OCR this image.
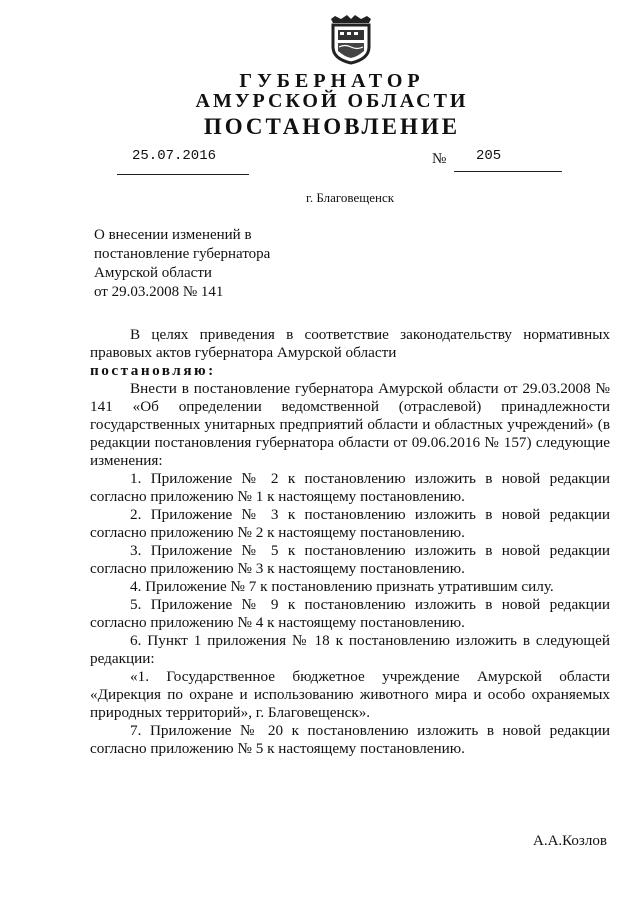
ГУБЕРНАТОР
АМУРСКОЙ ОБЛАСТИ
ПОСТАНОВЛЕНИЕ
25.07.2016	№ 205
г. Благовещенск
О внесении изменений в
постановление губернатора
Амурской области
от 29.03.2008 № 141

В целях приведения в соответствие законодательству нормативных правовых актов губернатора Амурской области

постановляю:

Внести в постановление губернатора Амурской области от 29.03.2008 № 141 «Об определении ведомственной (отраслевой) принадлежности государственных унитарных предприятий области и областных учреждений» (в редакции постановления губернатора области от 09.06.2016 № 157) следующие изменения:

1. Приложение № 2 к постановлению изложить в новой редакции согласно приложению № 1 к настоящему постановлению.

2. Приложение № 3 к постановлению изложить в новой редакции согласно приложению № 2 к настоящему постановлению.

3. Приложение № 5 к постановлению изложить в новой редакции согласно приложению № 3 к настоящему постановлению.

4. Приложение № 7 к постановлению признать утратившим силу.

5. Приложение № 9 к постановлению изложить в новой редакции согласно приложению № 4 к настоящему постановлению.

6. Пункт 1 приложения № 18 к постановлению изложить в следующей редакции:

«1. Государственное бюджетное учреждение Амурской области «Дирекция по охране и использованию животного мира и особо охраняемых природных территорий», г. Благовещенск».

7. Приложение № 20 к постановлению изложить в новой редакции согласно приложению № 5 к настоящему постановлению.

А.А.Козлов
